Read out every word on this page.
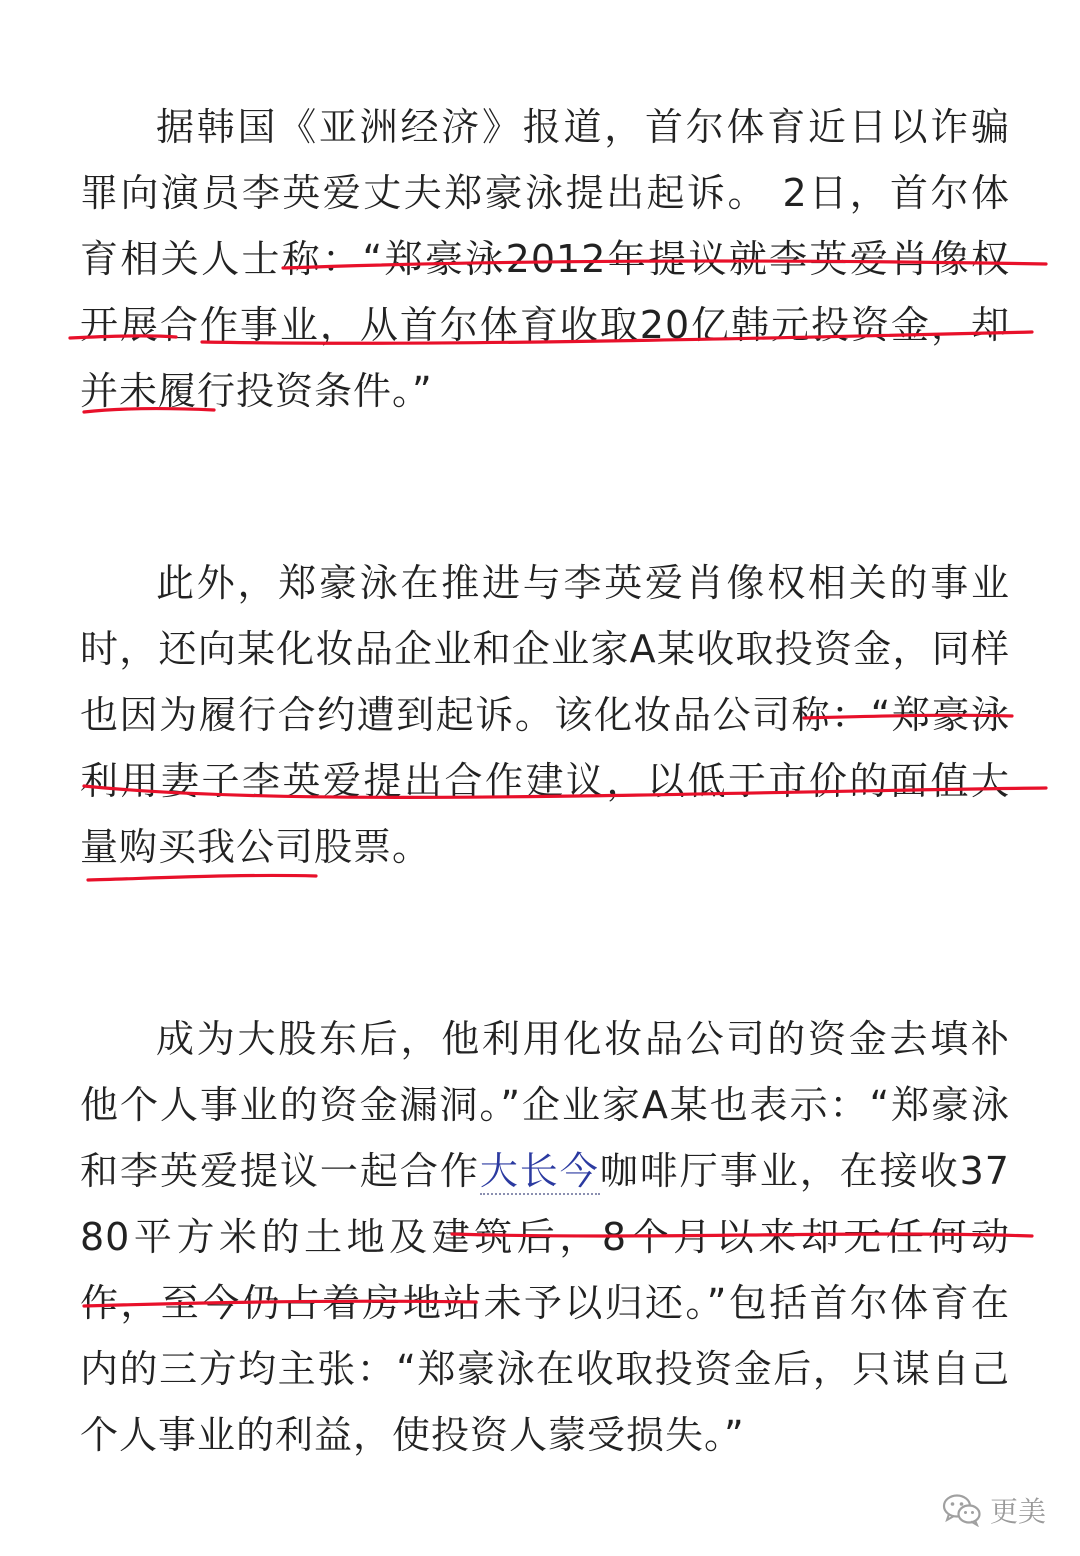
据韩国《亚洲经济》报道，首尔体育近日以诈骗罪向演员李英爱丈夫郑豪泳提出起诉。 2日，首尔体育相关人士称：“郑豪泳2012年提议就李英爱肖像权开展合作事业，从首尔体育收取20亿韩元投资金，却并未履行投资条件。”

此外，郑豪泳在推进与李英爱肖像权相关的事业时，还向某化妆品企业和企业家A某收取投资金，同样也因为履行合约遭到起诉。该化妆品公司称：“郑豪泳利用妻子李英爱提出合作建议，以低于市价的面值大量购买我公司股票。

成为大股东后，他利用化妆品公司的资金去填补他个人事业的资金漏洞。”企业家A某也表示：“郑豪泳和李英爱提议一起合作大长今咖啡厅事业，在接收3780平方米的土地及建筑后，8个月以来却无任何动作，至今仍占着房地站未予以归还。”包括首尔体育在内的三方均主张：“郑豪泳在收取投资金后，只谋自己个人事业的利益，使投资人蒙受损失。”

更美
